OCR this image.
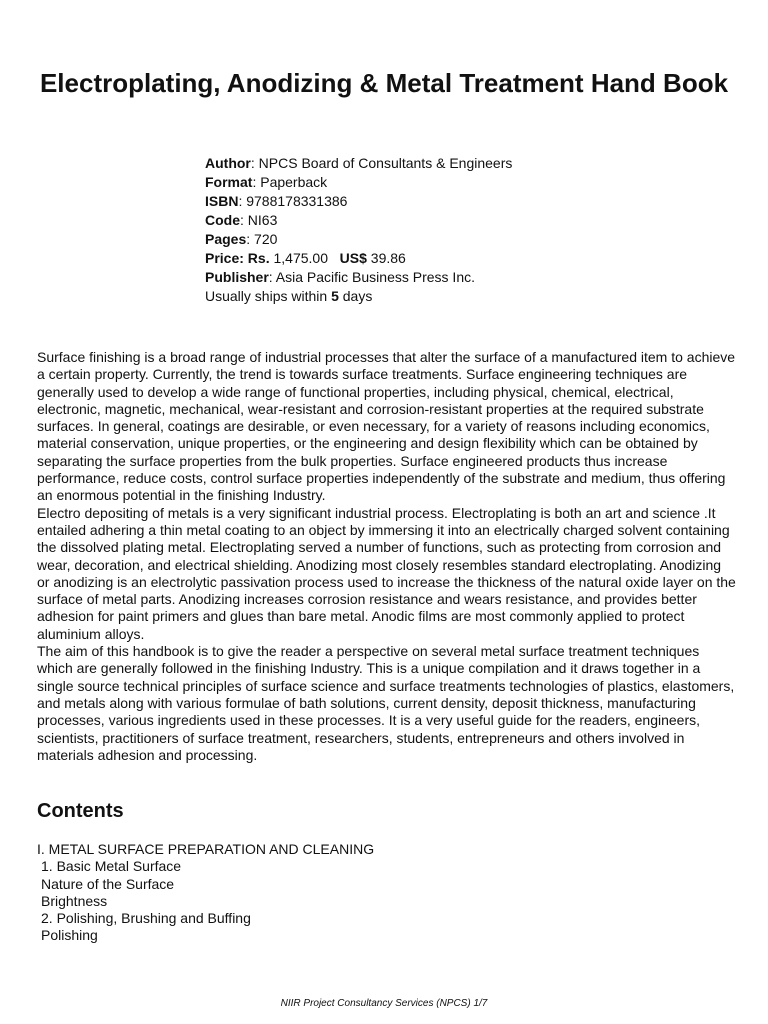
Electroplating, Anodizing & Metal Treatment Hand Book
Author: NPCS Board of Consultants & Engineers
Format: Paperback
ISBN: 9788178331386
Code: NI63
Pages: 720
Price: Rs. 1,475.00 US$ 39.86
Publisher: Asia Pacific Business Press Inc.
Usually ships within 5 days

Surface finishing is a broad range of industrial processes that alter the surface of a manufactured item to achieve a certain property. Currently, the trend is towards surface treatments. Surface engineering techniques are generally used to develop a wide range of functional properties, including physical, chemical, electrical, electronic, magnetic, mechanical, wear-resistant and corrosion-resistant properties at the required substrate surfaces. In general, coatings are desirable, or even necessary, for a variety of reasons including economics, material conservation, unique properties, or the engineering and design flexibility which can be obtained by separating the surface properties from the bulk properties. Surface engineered products thus increase performance, reduce costs, control surface properties independently of the substrate and medium, thus offering an enormous potential in the finishing Industry.

Electro depositing of metals is a very significant industrial process. Electroplating is both an art and science .It entailed adhering a thin metal coating to an object by immersing it into an electrically charged solvent containing the dissolved plating metal. Electroplating served a number of functions, such as protecting from corrosion and wear, decoration, and electrical shielding. Anodizing most closely resembles standard electroplating. Anodizing or anodizing is an electrolytic passivation process used to increase the thickness of the natural oxide layer on the surface of metal parts. Anodizing increases corrosion resistance and wears resistance, and provides better adhesion for paint primers and glues than bare metal. Anodic films are most commonly applied to protect aluminium alloys.

The aim of this handbook is to give the reader a perspective on several metal surface treatment techniques which are generally followed in the finishing Industry. This is a unique compilation and it draws together in a single source technical principles of surface science and surface treatments technologies of plastics, elastomers, and metals along with various formulae of bath solutions, current density, deposit thickness, manufacturing processes, various ingredients used in these processes. It is a very useful guide for the readers, engineers, scientists, practitioners of surface treatment, researchers, students, entrepreneurs and others involved in materials adhesion and processing.

Contents
I. METAL SURFACE PREPARATION AND CLEANING
1. Basic Metal Surface
Nature of the Surface
Brightness
2. Polishing, Brushing and Buffing
Polishing
NIIR Project Consultancy Services (NPCS) 1/7
